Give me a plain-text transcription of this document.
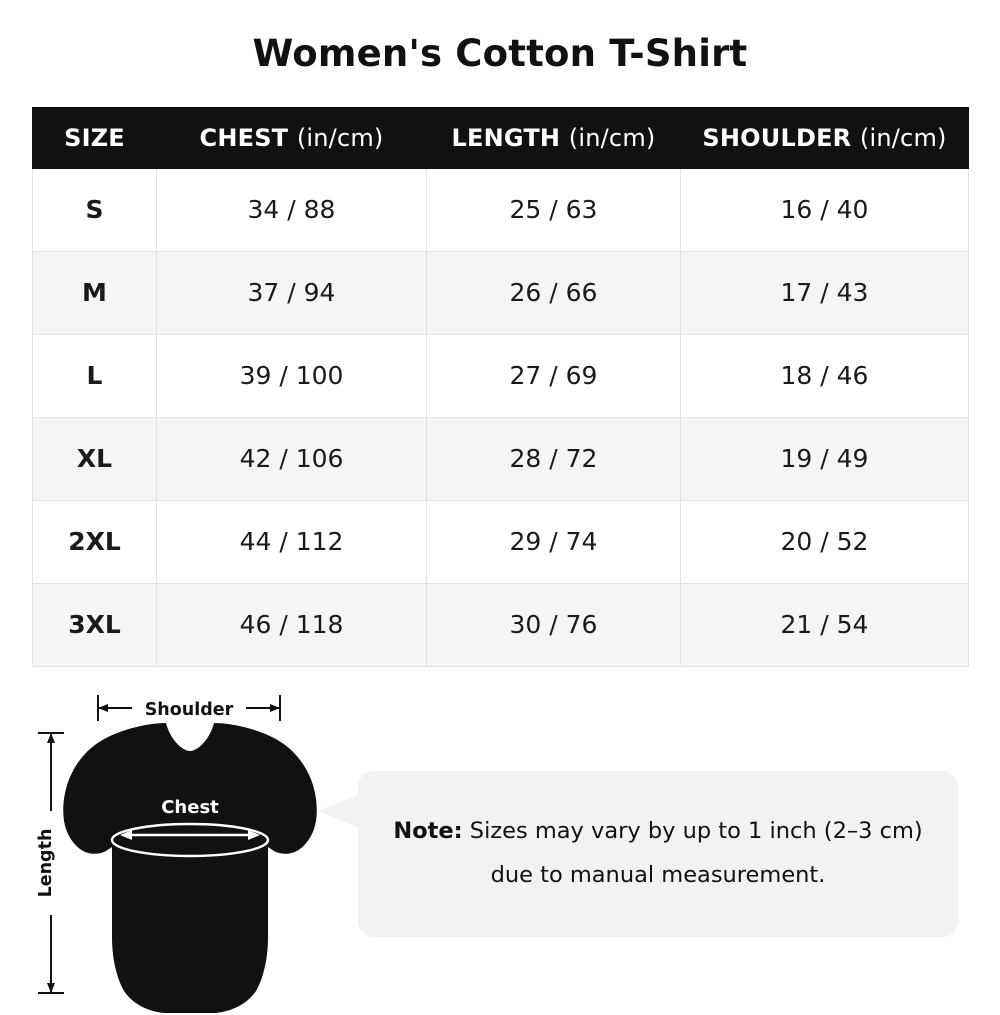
Women's Cotton T-Shirt
SIZE	CHEST (in/cm)	LENGTH (in/cm)	SHOULDER (in/cm)
S	34 / 88	25 / 63	16 / 40
M	37 / 94	26 / 66	17 / 43
L	39 / 100	27 / 69	18 / 46
XL	42 / 106	28 / 72	19 / 49
2XL	44 / 112	29 / 74	20 / 52
3XL	46 / 118	30 / 76	21 / 54
Shoulder
Length
Chest
Note: Sizes may vary by up to 1 inch (2–3 cm)
due to manual measurement.
